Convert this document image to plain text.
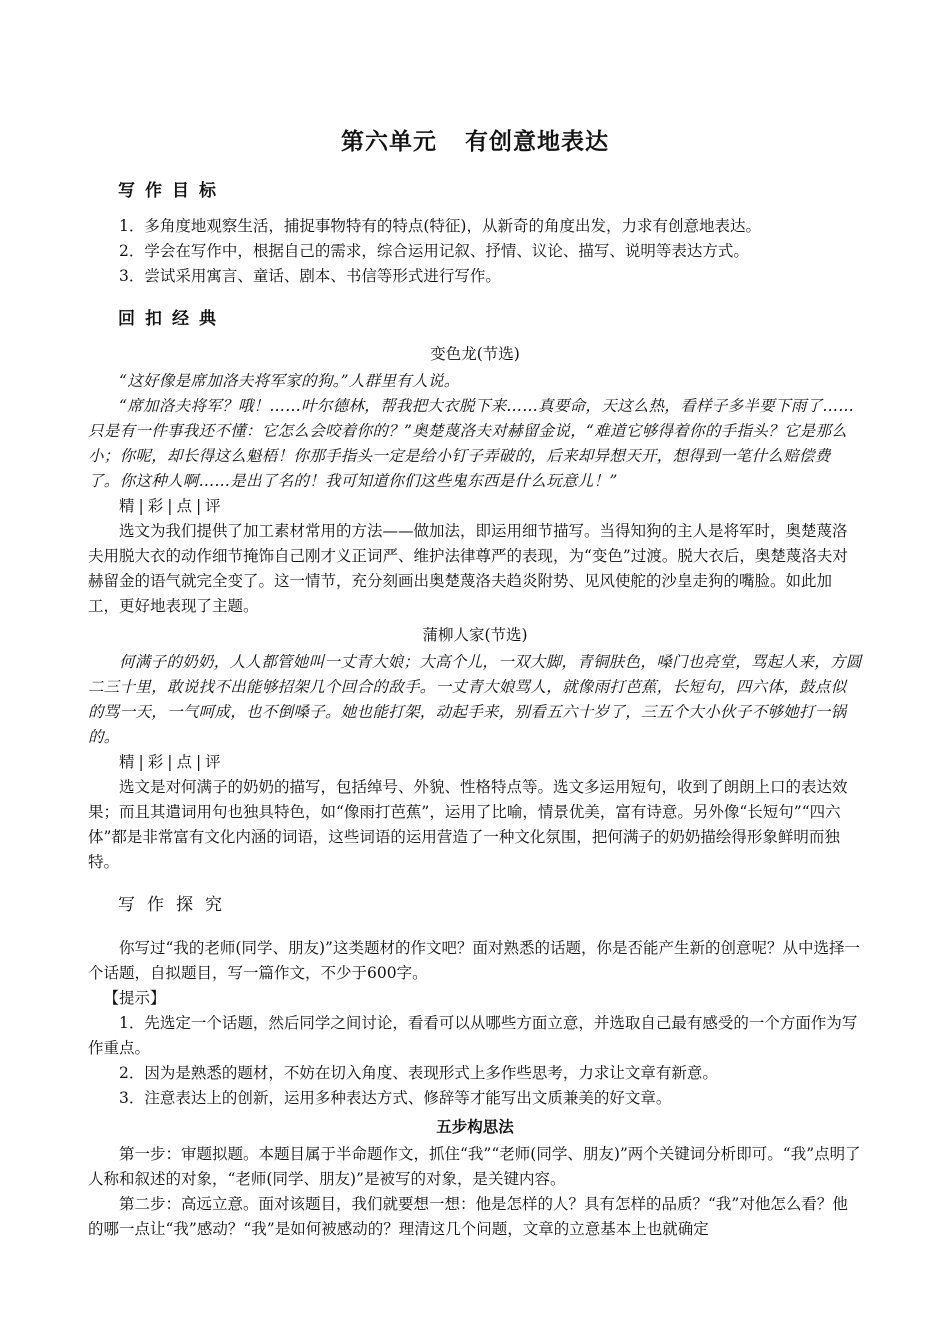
第六单元 有创意地表达
写作目标

1．多角度地观察生活，捕捉事物特有的特点(特征)，从新奇的角度出发，力求有创意地表达。

2．学会在写作中，根据自己的需求，综合运用记叙、抒情、议论、描写、说明等表达方式。

3．尝试采用寓言、童话、剧本、书信等形式进行写作。

回扣经典

变色龙(节选)

“这好像是席加洛夫将军家的狗。”人群里有人说。

“席加洛夫将军？哦！……叶尔德林，帮我把大衣脱下来……真要命，天这么热，看样子多半要下雨了……只是有一件事我还不懂：它怎么会咬着你的？”奥楚蔑洛夫对赫留金说，“难道它够得着你的手指头？它是那么小；你呢，却长得这么魁梧！你那手指头一定是给小钉子弄破的，后来却异想天开，想得到一笔什么赔偿费了。你这种人啊……是出了名的！我可知道你们这些鬼东西是什么玩意儿！”

精|彩|点|评

选文为我们提供了加工素材常用的方法——做加法，即运用细节描写。当得知狗的主人是将军时，奥楚蔑洛夫用脱大衣的动作细节掩饰自己刚才义正词严、维护法律尊严的表现，为“变色”过渡。脱大衣后，奥楚蔑洛夫对赫留金的语气就完全变了。这一情节，充分刻画出奥楚蔑洛夫趋炎附势、见风使舵的沙皇走狗的嘴脸。如此加工，更好地表现了主题。

蒲柳人家(节选)

何满子的奶奶，人人都管她叫一丈青大娘；大高个儿，一双大脚，青铜肤色，嗓门也亮堂，骂起人来，方圆二三十里，敢说找不出能够招架几个回合的敌手。一丈青大娘骂人，就像雨打芭蕉，长短句，四六体，鼓点似的骂一天，一气呵成，也不倒嗓子。她也能打架，动起手来，别看五六十岁了，三五个大小伙子不够她打一锅的。

精|彩|点|评

选文是对何满子的奶奶的描写，包括绰号、外貌、性格特点等。选文多运用短句，收到了朗朗上口的表达效果；而且其遣词用句也独具特色，如“像雨打芭蕉”，运用了比喻，情景优美，富有诗意。另外像“长短句”“四六体”都是非常富有文化内涵的词语，这些词语的运用营造了一种文化氛围，把何满子的奶奶描绘得形象鲜明而独特。

写作探究

你写过“我的老师(同学、朋友)”这类题材的作文吧？面对熟悉的话题，你是否能产生新的创意呢？从中选择一个话题，自拟题目，写一篇作文，不少于600字。

【提示】

1．先选定一个话题，然后同学之间讨论，看看可以从哪些方面立意，并选取自己最有感受的一个方面作为写作重点。

2．因为是熟悉的题材，不妨在切入角度、表现形式上多作些思考，力求让文章有新意。

3．注意表达上的创新，运用多种表达方式、修辞等才能写出文质兼美的好文章。

五步构思法

第一步：审题拟题。本题目属于半命题作文，抓住“我”“老师(同学、朋友)”两个关键词分析即可。“我”点明了人称和叙述的对象，“老师(同学、朋友)”是被写的对象，是关键内容。

第二步：高远立意。面对该题目，我们就要想一想：他是怎样的人？具有怎样的品质？“我”对他怎么看？他的哪一点让“我”感动？“我”是如何被感动的？理清这几个问题，文章的立意基本上也就确定
